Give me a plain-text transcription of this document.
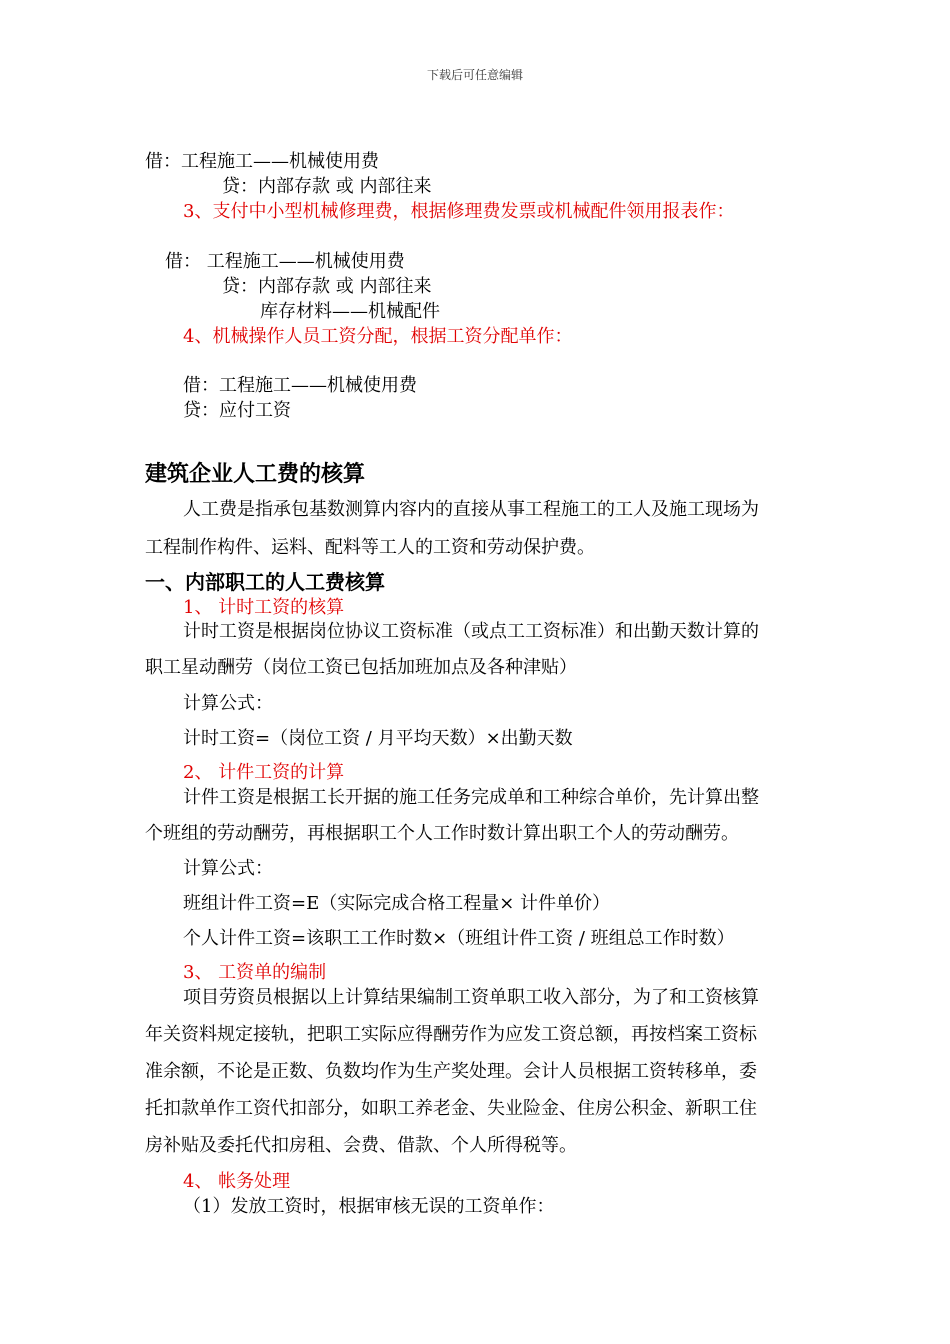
下载后可任意编辑
借：工程施工——机械使用费
贷：内部存款 或 内部往来
3、支付中小型机械修理费，根据修理费发票或机械配件领用报表作：
借： 工程施工——机械使用费
贷：内部存款 或 内部往来
库存材料——机械配件
4、机械操作人员工资分配，根据工资分配单作：
借：工程施工——机械使用费
贷：应付工资
建筑企业人工费的核算
人工费是指承包基数测算内容内的直接从事工程施工的工人及施工现场为
工程制作构件、运料、配料等工人的工资和劳动保护费。
一、内部职工的人工费核算
1、 计时工资的核算
计时工资是根据岗位协议工资标准（或点工工资标准）和出勤天数计算的
职工星动酬劳（岗位工资已包括加班加点及各种津贴）
计算公式：
计时工资=（岗位工资 / 月平均天数）×出勤天数
2、 计件工资的计算
计件工资是根据工长开据的施工任务完成单和工种综合单价，先计算出整
个班组的劳动酬劳，再根据职工个人工作时数计算出职工个人的劳动酬劳。
计算公式：
班组计件工资=E（实际完成合格工程量× 计件单价）
个人计件工资=该职工工作时数×（班组计件工资 / 班组总工作时数）
3、 工资单的编制
项目劳资员根据以上计算结果编制工资单职工收入部分，为了和工资核算
年关资料规定接轨，把职工实际应得酬劳作为应发工资总额，再按档案工资标
准余额，不论是正数、负数均作为生产奖处理。会计人员根据工资转移单，委
托扣款单作工资代扣部分，如职工养老金、失业险金、住房公积金、新职工住
房补贴及委托代扣房租、会费、借款、个人所得税等。
4、 帐务处理
（1）发放工资时，根据审核无误的工资单作：
